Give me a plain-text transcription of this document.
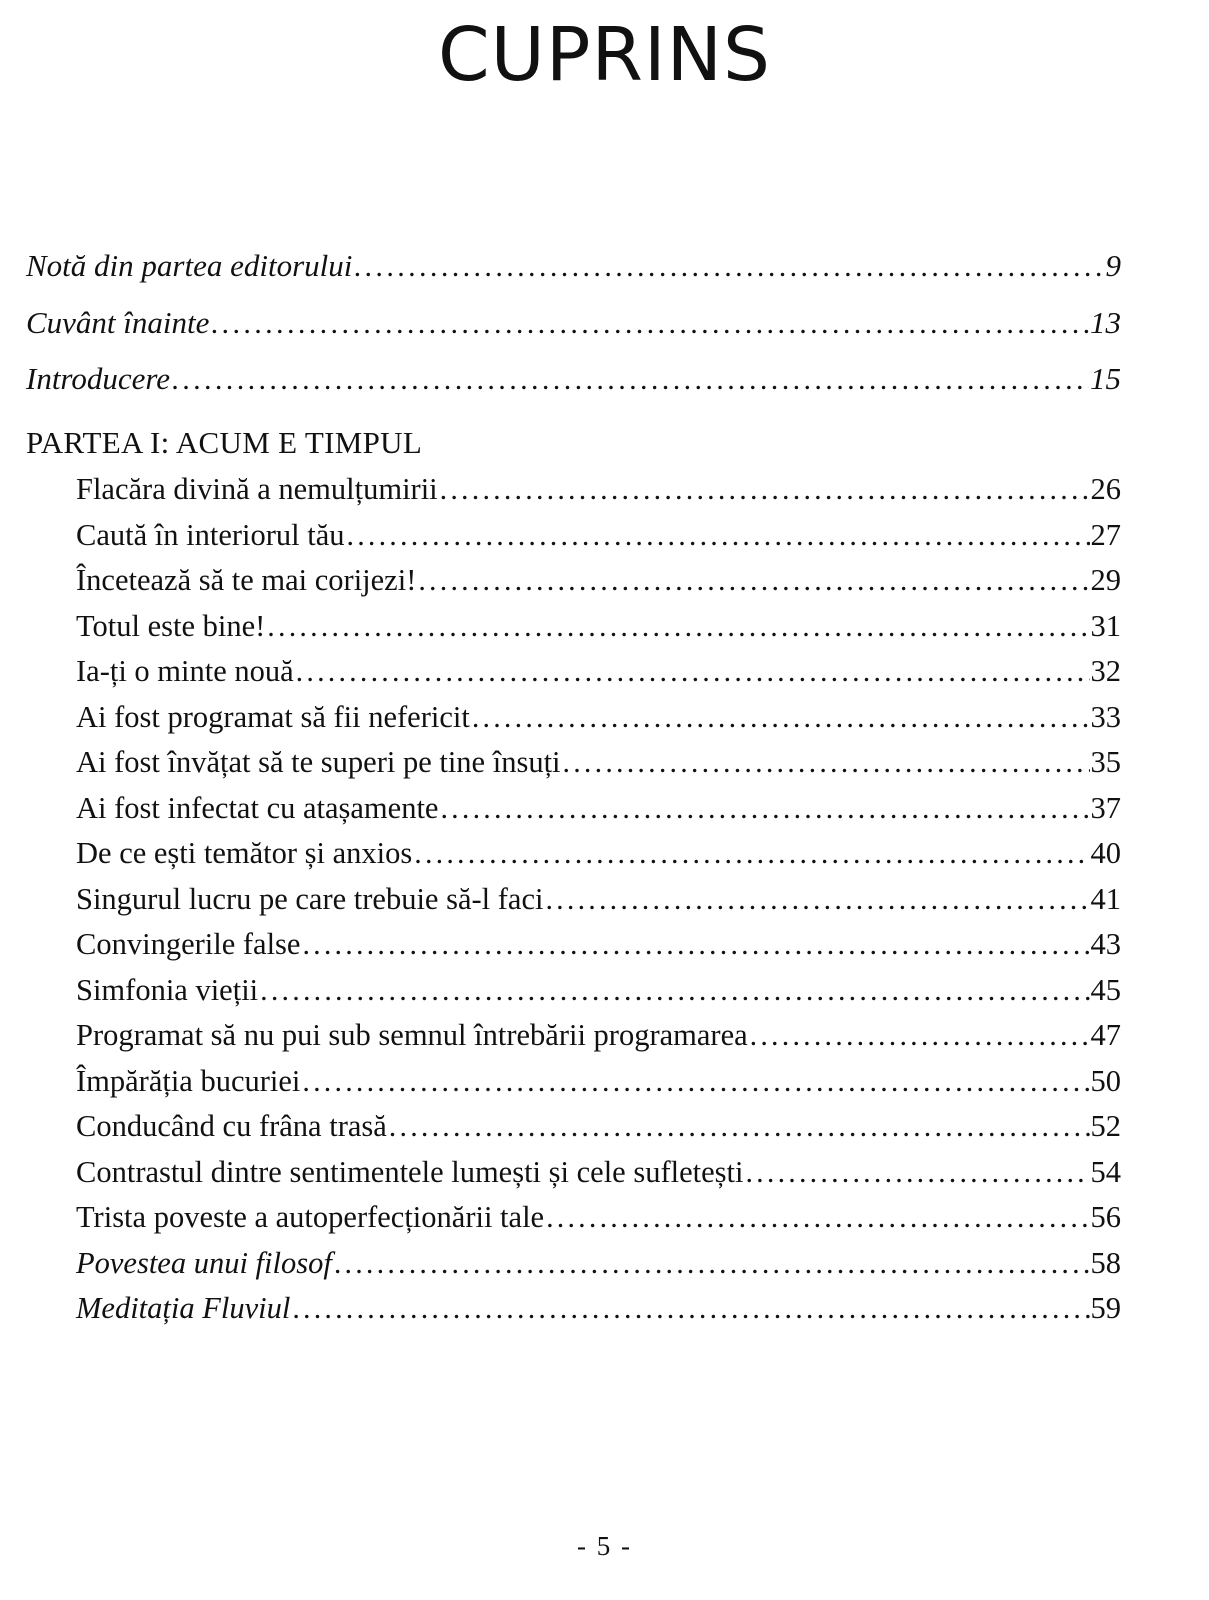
CUPRINS
Notă din partea editorului .....	9
Cuvânt înainte .....	13
Introducere .....	15
PARTEA I: ACUM E TIMPUL
Flacăra divină a nemulțumirii .....	26
Caută în interiorul tău .....	27
Încetează să te mai corijezi! .....	29
Totul este bine! .....	31
Ia-ți o minte nouă .....	32
Ai fost programat să fii nefericit .....	33
Ai fost învățat să te superi pe tine însuți .....	35
Ai fost infectat cu atașamente .....	37
De ce ești temător și anxios .....	40
Singurul lucru pe care trebuie să-l faci .....	41
Convingerile false .....	43
Simfonia vieții .....	45
Programat să nu pui sub semnul întrebării programarea .....	47
Împărăția bucuriei .....	50
Conducând cu frâna trasă .....	52
Contrastul dintre sentimentele lumești și cele sufletești .....	54
Trista poveste a autoperfecționării tale .....	56
Povestea unui filosof .....	58
Meditația Fluviul .....	59
- 5 -
